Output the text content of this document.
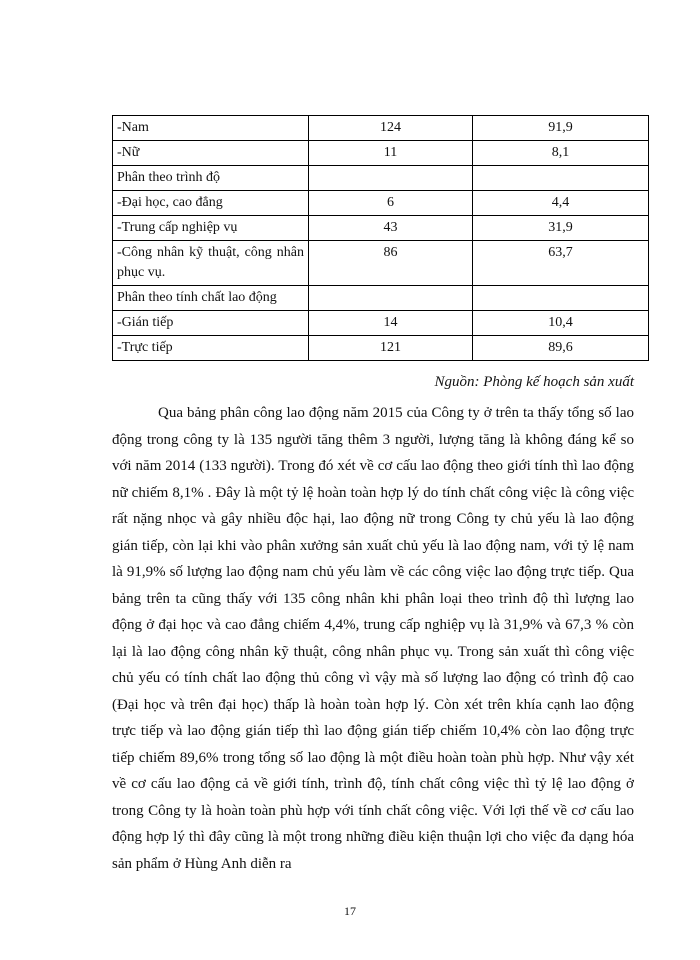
-Nam	124	91,9
-Nữ	11	8,1
Phân theo trình độ		
-Đại học, cao đẳng	6	4,4
-Trung cấp nghiệp vụ	43	31,9
-Công nhân kỹ thuật, công nhân phục vụ.	86	63,7
Phân theo tính chất lao động		
-Gián tiếp	14	10,4
-Trực tiếp	121	89,6
Nguồn: Phòng kế hoạch sản xuất

Qua bảng phân công lao động năm 2015 của Công ty ở trên ta thấy tổng số lao động trong công ty là 135 người tăng thêm 3 người, lượng tăng là không đáng kể so với năm 2014 (133 người). Trong đó xét về cơ cấu lao động theo giới tính thì lao động nữ chiếm 8,1% . Đây là một tỷ lệ hoàn toàn hợp lý do tính chất công việc là công việc rất nặng nhọc và gây nhiều độc hại, lao động nữ trong Công ty chủ yếu là lao động gián tiếp, còn lại khi vào phân xưởng sản xuất chủ yếu là lao động nam, với tỷ lệ nam là 91,9% số lượng lao động nam chủ yếu làm về các công việc lao động trực tiếp. Qua bảng trên ta cũng thấy với 135 công nhân khi phân loại theo trình độ thì lượng lao động ở đại học và cao đẳng chiếm 4,4%, trung cấp nghiệp vụ là 31,9% và 67,3 % còn lại là lao động công nhân kỹ thuật, công nhân phục vụ. Trong sản xuất thì công việc chủ yếu có tính chất lao động thủ công vì vậy mà số lượng lao động có trình độ cao (Đại học và trên đại học) thấp là hoàn toàn hợp lý. Còn xét trên khía cạnh lao động trực tiếp và lao động gián tiếp thì lao động gián tiếp chiếm 10,4% còn lao động trực tiếp chiếm 89,6% trong tổng số lao động là một điều hoàn toàn phù hợp. Như vậy xét về cơ cấu lao động cả về giới tính, trình độ, tính chất công việc thì tỷ lệ lao động ở trong Công ty là hoàn toàn phù hợp với tính chất công việc. Với lợi thế về cơ cấu lao động hợp lý thì đây cũng là một trong những điều kiện thuận lợi cho việc đa dạng hóa sản phẩm ở Hùng Anh diễn ra

17
